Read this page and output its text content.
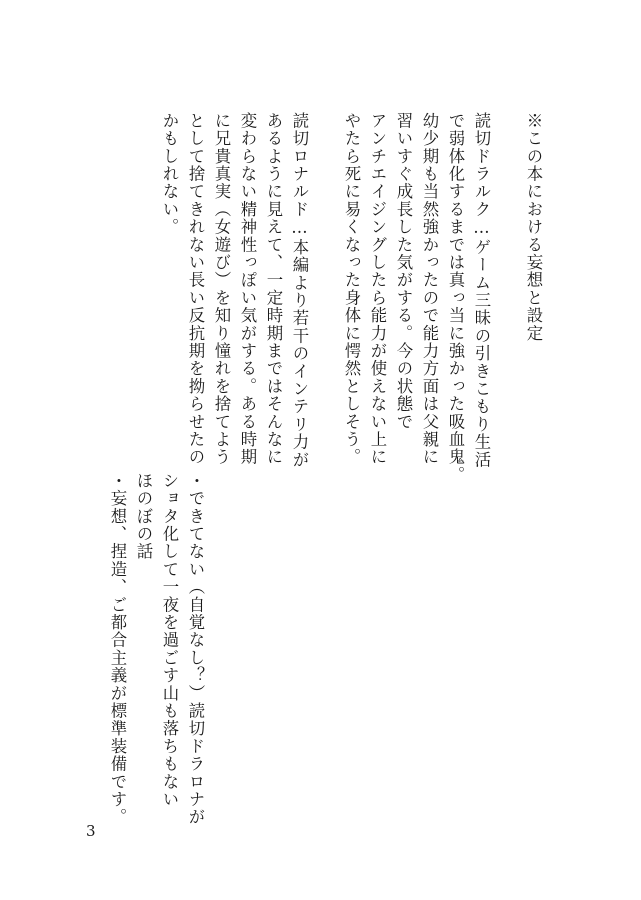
※この本における妄想と設定
読切ドラルク…ゲーム三昧の引きこもり生活
で弱体化するまでは真っ当に強かった吸血鬼。
幼少期も当然強かったので能力方面は父親に
習いすぐ成長した気がする。今の状態で
アンチエイジングしたら能力が使えない上に
やたら死に易くなった身体に愕然としそう。
読切ロナルド…本編より若干のインテリ力が
あるように見えて、一定時期まではそんなに
変わらない精神性っぽい気がする。ある時期
に兄貴真実（女遊び）を知り憧れを捨てよう
として捨てきれない長い反抗期を拗らせたの
かもしれない。
・できてない（自覚なし？）読切ドラロナが
ショタ化して一夜を過ごす山も落ちもない
ほのぼの話
・妄想、捏造、ご都合主義が標準装備です。
3
